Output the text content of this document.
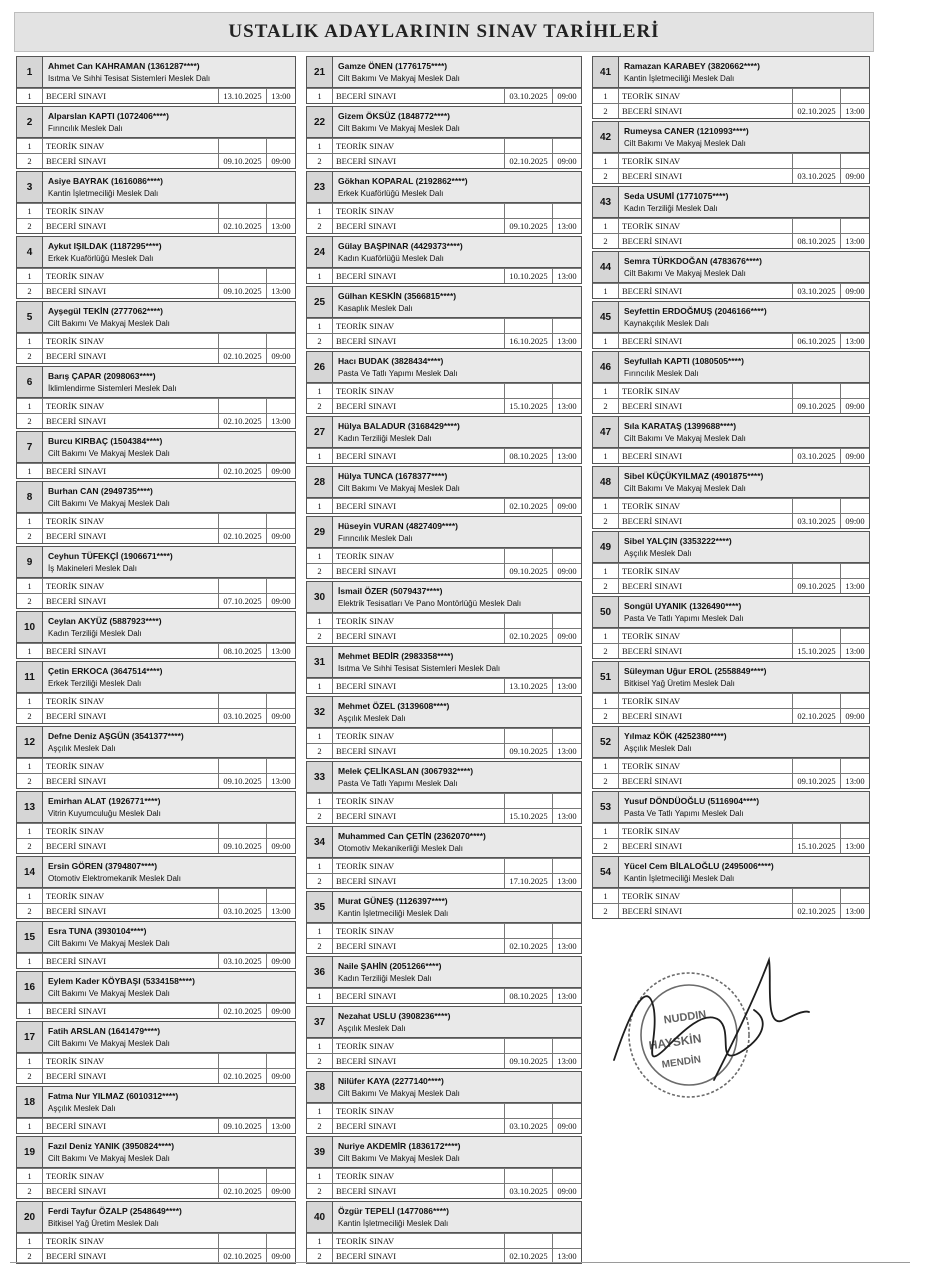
USTALIK ADAYLARININ SINAV TARİHLERİ
1
Ahmet Can KAHRAMAN (1361287****)
Isıtma Ve Sıhhi Tesisat Sistemleri Meslek Dalı
1	BECERİ SINAVI	13.10.2025	13:00
2
Alparslan KAPTI (1072406****)
Fırıncılık Meslek Dalı
1	TEORİK SINAV
2	BECERİ SINAVI	09.10.2025	09:00
3
Asiye BAYRAK (1616086****)
Kantin İşletmeciliği Meslek Dalı
1	TEORİK SINAV
2	BECERİ SINAVI	02.10.2025	13:00
4
Aykut IŞILDAK (1187295****)
Erkek Kuaförlüğü Meslek Dalı
1	TEORİK SINAV
2	BECERİ SINAVI	09.10.2025	13:00
5
Ayşegül TEKİN (2777062****)
Cilt Bakımı Ve Makyaj Meslek Dalı
1	TEORİK SINAV
2	BECERİ SINAVI	02.10.2025	09:00
6
Barış ÇAPAR (2098063****)
İklimlendirme Sistemleri Meslek Dalı
1	TEORİK SINAV
2	BECERİ SINAVI	02.10.2025	13:00
7
Burcu KIRBAÇ (1504384****)
Cilt Bakımı Ve Makyaj Meslek Dalı
1	BECERİ SINAVI	02.10.2025	09:00
8
Burhan CAN (2949735****)
Cilt Bakımı Ve Makyaj Meslek Dalı
1	TEORİK SINAV
2	BECERİ SINAVI	02.10.2025	09:00
9
Ceyhun TÜFEKÇİ (1906671****)
İş Makineleri Meslek Dalı
1	TEORİK SINAV
2	BECERİ SINAVI	07.10.2025	09:00
10
Ceylan AKYÜZ (5887923****)
Kadın Terziliği Meslek Dalı
1	BECERİ SINAVI	08.10.2025	13:00
11
Çetin ERKOCA (3647514****)
Erkek Terziliği Meslek Dalı
1	TEORİK SINAV
2	BECERİ SINAVI	03.10.2025	09:00
12
Defne Deniz AŞGÜN (3541377****)
Aşçılık Meslek Dalı
1	TEORİK SINAV
2	BECERİ SINAVI	09.10.2025	13:00
13
Emirhan ALAT (1926771****)
Vitrin Kuyumculuğu Meslek Dalı
1	TEORİK SINAV
2	BECERİ SINAVI	09.10.2025	09:00
14
Ersin GÖREN (3794807****)
Otomotiv Elektromekanik Meslek Dalı
1	TEORİK SINAV
2	BECERİ SINAVI	03.10.2025	13:00
15
Esra TUNA (3930104****)
Cilt Bakımı Ve Makyaj Meslek Dalı
1	BECERİ SINAVI	03.10.2025	09:00
16
Eylem Kader KÖYBAŞI (5334158****)
Cilt Bakımı Ve Makyaj Meslek Dalı
1	BECERİ SINAVI	02.10.2025	09:00
17
Fatih ARSLAN (1641479****)
Cilt Bakımı Ve Makyaj Meslek Dalı
1	TEORİK SINAV
2	BECERİ SINAVI	02.10.2025	09:00
18
Fatma Nur YILMAZ (6010312****)
Aşçılık Meslek Dalı
1	BECERİ SINAVI	09.10.2025	13:00
19
Fazıl Deniz YANIK (3950824****)
Cilt Bakımı Ve Makyaj Meslek Dalı
1	TEORİK SINAV
2	BECERİ SINAVI	02.10.2025	09:00
20
Ferdi Tayfur ÖZALP (2548649****)
Bitkisel Yağ Üretim Meslek Dalı
1	TEORİK SINAV
2	BECERİ SINAVI	02.10.2025	09:00
21
Gamze ÖNEN (1776175****)
Cilt Bakımı Ve Makyaj Meslek Dalı
1	BECERİ SINAVI	03.10.2025	09:00
22
Gizem ÖKSÜZ (1848772****)
Cilt Bakımı Ve Makyaj Meslek Dalı
1	TEORİK SINAV
2	BECERİ SINAVI	02.10.2025	09:00
23
Gökhan KOPARAL (2192862****)
Erkek Kuaförlüğü Meslek Dalı
1	TEORİK SINAV
2	BECERİ SINAVI	09.10.2025	13:00
24
Gülay BAŞPINAR (4429373****)
Kadın Kuaförlüğü Meslek Dalı
1	BECERİ SINAVI	10.10.2025	13:00
25
Gülhan KESKİN (3566815****)
Kasaplık Meslek Dalı
1	TEORİK SINAV
2	BECERİ SINAVI	16.10.2025	13:00
26
Hacı BUDAK (3828434****)
Pasta Ve Tatlı Yapımı Meslek Dalı
1	TEORİK SINAV
2	BECERİ SINAVI	15.10.2025	13:00
27
Hülya BALADUR (3168429****)
Kadın Terziliği Meslek Dalı
1	BECERİ SINAVI	08.10.2025	13:00
28
Hülya TUNCA (1678377****)
Cilt Bakımı Ve Makyaj Meslek Dalı
1	BECERİ SINAVI	02.10.2025	09:00
29
Hüseyin VURAN (4827409****)
Fırıncılık Meslek Dalı
1	TEORİK SINAV
2	BECERİ SINAVI	09.10.2025	09:00
30
İsmail ÖZER (5079437****)
Elektrik Tesisatları Ve Pano Montörlüğü Meslek Dalı
1	TEORİK SINAV
2	BECERİ SINAVI	02.10.2025	09:00
31
Mehmet BEDİR (2983358****)
Isıtma Ve Sıhhi Tesisat Sistemleri Meslek Dalı
1	BECERİ SINAVI	13.10.2025	13:00
32
Mehmet ÖZEL (3139608****)
Aşçılık Meslek Dalı
1	TEORİK SINAV
2	BECERİ SINAVI	09.10.2025	13:00
33
Melek ÇELİKASLAN (3067932****)
Pasta Ve Tatlı Yapımı Meslek Dalı
1	TEORİK SINAV
2	BECERİ SINAVI	15.10.2025	13:00
34
Muhammed Can ÇETİN (2362070****)
Otomotiv Mekanikerliği Meslek Dalı
1	TEORİK SINAV
2	BECERİ SINAVI	17.10.2025	13:00
35
Murat GÜNEŞ (1126397****)
Kantin İşletmeciliği Meslek Dalı
1	TEORİK SINAV
2	BECERİ SINAVI	02.10.2025	13:00
36
Naile ŞAHİN (2051266****)
Kadın Terziliği Meslek Dalı
1	BECERİ SINAVI	08.10.2025	13:00
37
Nezahat USLU (3908236****)
Aşçılık Meslek Dalı
1	TEORİK SINAV
2	BECERİ SINAVI	09.10.2025	13:00
38
Nilüfer KAYA (2277140****)
Cilt Bakımı Ve Makyaj Meslek Dalı
1	TEORİK SINAV
2	BECERİ SINAVI	03.10.2025	09:00
39
Nuriye AKDEMİR (1836172****)
Cilt Bakımı Ve Makyaj Meslek Dalı
1	TEORİK SINAV
2	BECERİ SINAVI	03.10.2025	09:00
40
Özgür TEPELİ (1477086****)
Kantin İşletmeciliği Meslek Dalı
1	TEORİK SINAV
2	BECERİ SINAVI	02.10.2025	13:00
41
Ramazan KARABEY (3820662****)
Kantin İşletmeciliği Meslek Dalı
1	TEORİK SINAV
2	BECERİ SINAVI	02.10.2025	13:00
42
Rumeysa CANER (1210993****)
Cilt Bakımı Ve Makyaj Meslek Dalı
1	TEORİK SINAV
2	BECERİ SINAVI	03.10.2025	09:00
43
Seda USUMİ (1771075****)
Kadın Terziliği Meslek Dalı
1	TEORİK SINAV
2	BECERİ SINAVI	08.10.2025	13:00
44
Semra TÜRKDOĞAN (4783676****)
Cilt Bakımı Ve Makyaj Meslek Dalı
1	BECERİ SINAVI	03.10.2025	09:00
45
Seyfettin ERDOĞMUŞ (2046166****)
Kaynakçılık Meslek Dalı
1	BECERİ SINAVI	06.10.2025	13:00
46
Seyfullah KAPTI (1080505****)
Fırıncılık Meslek Dalı
1	TEORİK SINAV
2	BECERİ SINAVI	09.10.2025	09:00
47
Sıla KARATAŞ (1399688****)
Cilt Bakımı Ve Makyaj Meslek Dalı
1	BECERİ SINAVI	03.10.2025	09:00
48
Sibel KÜÇÜKYILMAZ (4901875****)
Cilt Bakımı Ve Makyaj Meslek Dalı
1	TEORİK SINAV
2	BECERİ SINAVI	03.10.2025	09:00
49
Sibel YALÇIN (3353222****)
Aşçılık Meslek Dalı
1	TEORİK SINAV
2	BECERİ SINAVI	09.10.2025	13:00
50
Songül UYANIK (1326490****)
Pasta Ve Tatlı Yapımı Meslek Dalı
1	TEORİK SINAV
2	BECERİ SINAVI	15.10.2025	13:00
51
Süleyman Uğur EROL (2558849****)
Bitkisel Yağ Üretim Meslek Dalı
1	TEORİK SINAV
2	BECERİ SINAVI	02.10.2025	09:00
52
Yılmaz KÖK (4252380****)
Aşçılık Meslek Dalı
1	TEORİK SINAV
2	BECERİ SINAVI	09.10.2025	13:00
53
Yusuf DÖNDÜOĞLU (5116904****)
Pasta Ve Tatlı Yapımı Meslek Dalı
1	TEORİK SINAV
2	BECERİ SINAVI	15.10.2025	13:00
54
Yücel Cem BİLALOĞLU (2495006****)
Kantin İşletmeciliği Meslek Dalı
1	TEORİK SINAV
2	BECERİ SINAVI	02.10.2025	13:00
NUDDIN
HAYSKİN
MENDİN
